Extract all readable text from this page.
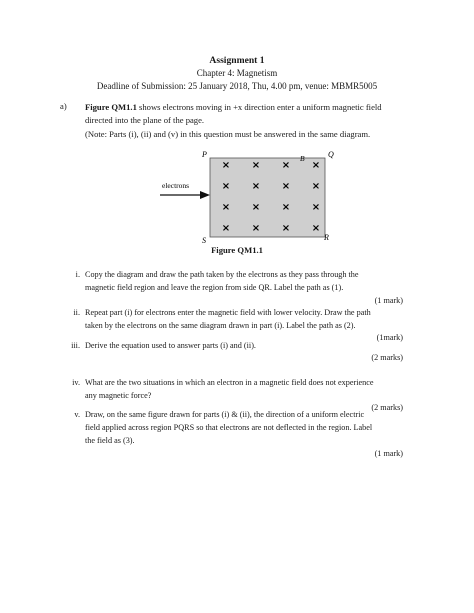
Assignment 1
Chapter 4: Magnetism
Deadline of Submission: 25 January 2018, Thu, 4.00 pm, venue: MBMR5005
a) Figure QM1.1 shows electrons moving in +x direction enter a uniform magnetic field directed into the plane of the page.
(Note: Parts (i), (ii) and (v) in this question must be answered in the same diagram.
× × × ×
× × × ×
× × × ×
× × × ×
P	Q
B
S	R
electrons
Figure QM1.1
i. Copy the diagram and draw the path taken by the electrons as they pass through the
magnetic field region and leave the region from side QR. Label the path as (1).
(1 mark)
ii. Repeat part (i) for electrons enter the magnetic field with lower velocity. Draw the path
taken by the electrons on the same diagram drawn in part (i). Label the path as (2).
(1mark)
iii. Derive the equation used to answer parts (i) and (ii).
(2 marks)
iv. What are the two situations in which an electron in a magnetic field does not experience
any magnetic force?
(2 marks)
v. Draw, on the same figure drawn for parts (i) & (ii), the direction of a uniform electric
field applied across region PQRS so that electrons are not deflected in the region. Label
the field as (3).
(1 mark)
